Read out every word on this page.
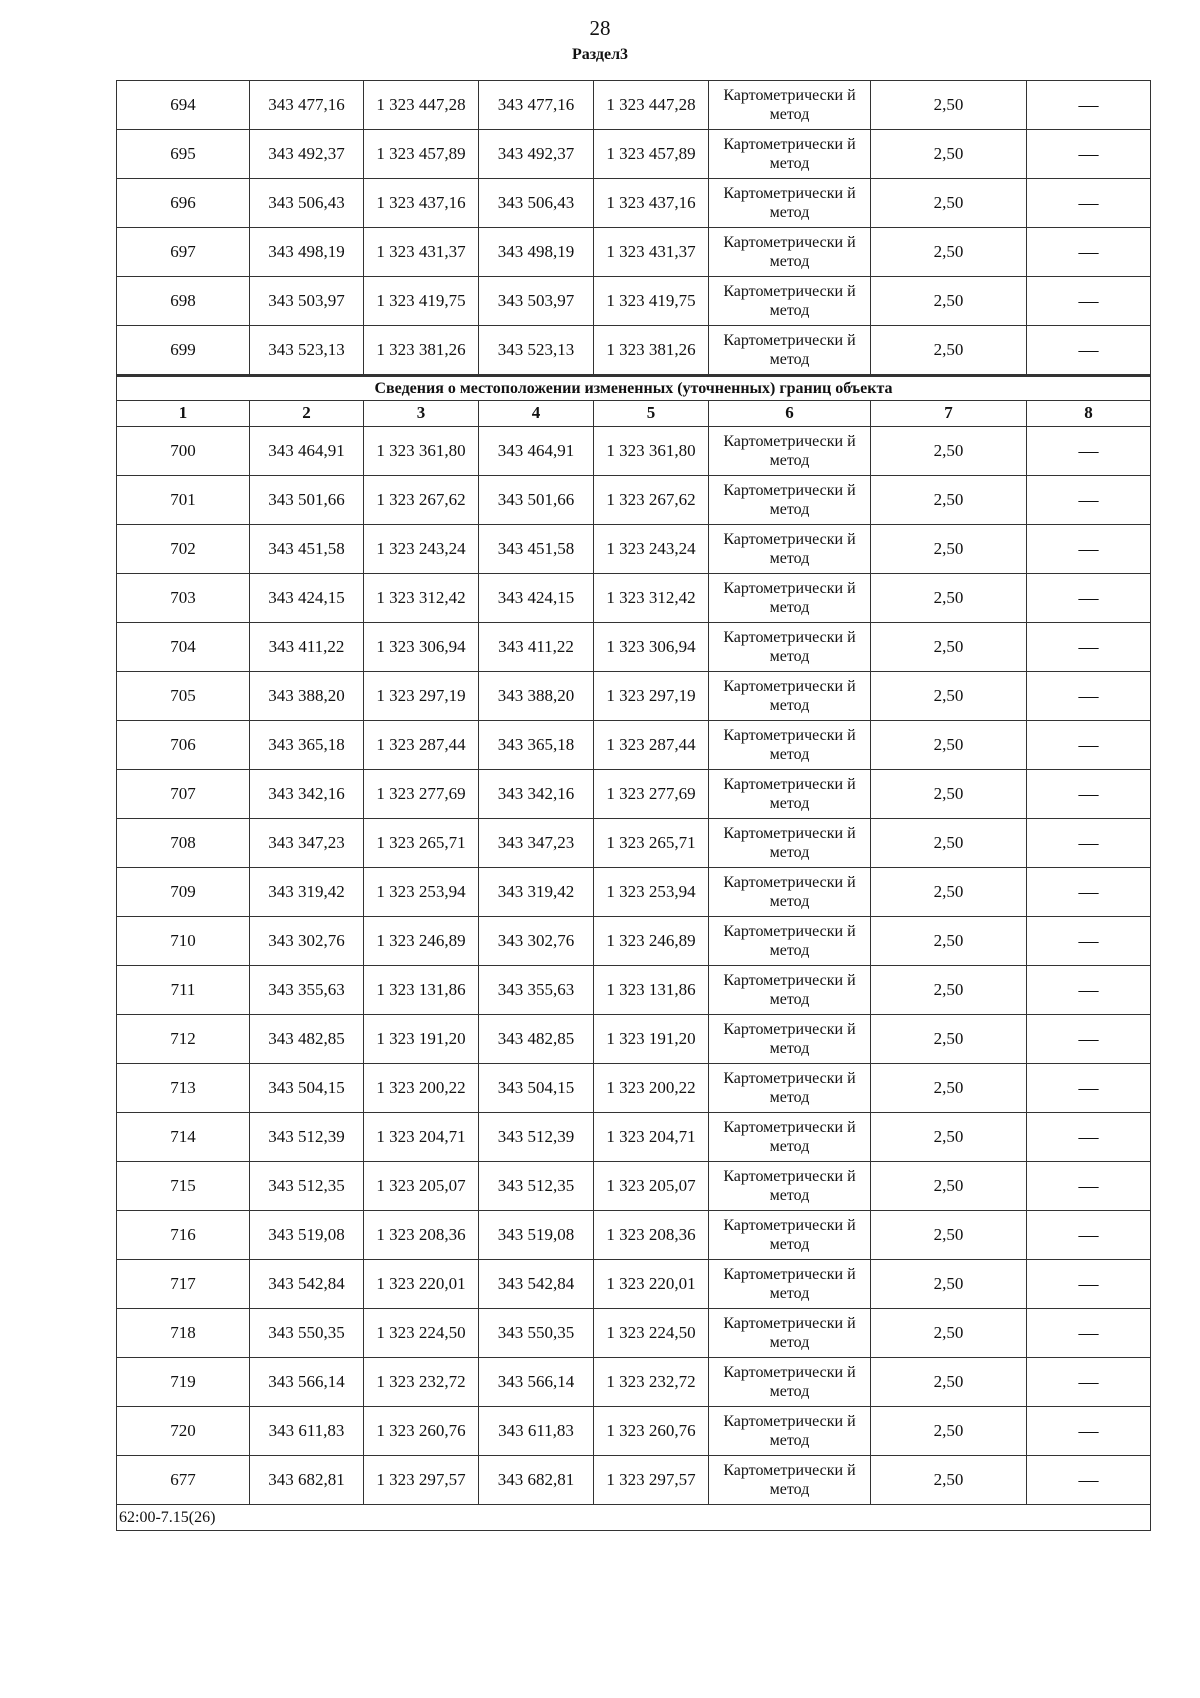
28
Раздел3
694	343 477,16	1 323 447,28	343 477,16	1 323 447,28	Картометрически й метод	2,50	—
695	343 492,37	1 323 457,89	343 492,37	1 323 457,89	Картометрически й метод	2,50	—
696	343 506,43	1 323 437,16	343 506,43	1 323 437,16	Картометрически й метод	2,50	—
697	343 498,19	1 323 431,37	343 498,19	1 323 431,37	Картометрически й метод	2,50	—
698	343 503,97	1 323 419,75	343 503,97	1 323 419,75	Картометрически й метод	2,50	—
699	343 523,13	1 323 381,26	343 523,13	1 323 381,26	Картометрически й метод	2,50	—
Сведения о местоположении измененных (уточненных) границ объекта							
1	2	3	4	5	6	7	8
700	343 464,91	1 323 361,80	343 464,91	1 323 361,80	Картометрически й метод	2,50	—
701	343 501,66	1 323 267,62	343 501,66	1 323 267,62	Картометрически й метод	2,50	—
702	343 451,58	1 323 243,24	343 451,58	1 323 243,24	Картометрически й метод	2,50	—
703	343 424,15	1 323 312,42	343 424,15	1 323 312,42	Картометрически й метод	2,50	—
704	343 411,22	1 323 306,94	343 411,22	1 323 306,94	Картометрически й метод	2,50	—
705	343 388,20	1 323 297,19	343 388,20	1 323 297,19	Картометрически й метод	2,50	—
706	343 365,18	1 323 287,44	343 365,18	1 323 287,44	Картометрически й метод	2,50	—
707	343 342,16	1 323 277,69	343 342,16	1 323 277,69	Картометрически й метод	2,50	—
708	343 347,23	1 323 265,71	343 347,23	1 323 265,71	Картометрически й метод	2,50	—
709	343 319,42	1 323 253,94	343 319,42	1 323 253,94	Картометрически й метод	2,50	—
710	343 302,76	1 323 246,89	343 302,76	1 323 246,89	Картометрически й метод	2,50	—
711	343 355,63	1 323 131,86	343 355,63	1 323 131,86	Картометрически й метод	2,50	—
712	343 482,85	1 323 191,20	343 482,85	1 323 191,20	Картометрически й метод	2,50	—
713	343 504,15	1 323 200,22	343 504,15	1 323 200,22	Картометрически й метод	2,50	—
714	343 512,39	1 323 204,71	343 512,39	1 323 204,71	Картометрически й метод	2,50	—
715	343 512,35	1 323 205,07	343 512,35	1 323 205,07	Картометрически й метод	2,50	—
716	343 519,08	1 323 208,36	343 519,08	1 323 208,36	Картометрически й метод	2,50	—
717	343 542,84	1 323 220,01	343 542,84	1 323 220,01	Картометрически й метод	2,50	—
718	343 550,35	1 323 224,50	343 550,35	1 323 224,50	Картометрически й метод	2,50	—
719	343 566,14	1 323 232,72	343 566,14	1 323 232,72	Картометрически й метод	2,50	—
720	343 611,83	1 323 260,76	343 611,83	1 323 260,76	Картометрически й метод	2,50	—
677	343 682,81	1 323 297,57	343 682,81	1 323 297,57	Картометрически й метод	2,50	—
62:00-7.15(26)							
